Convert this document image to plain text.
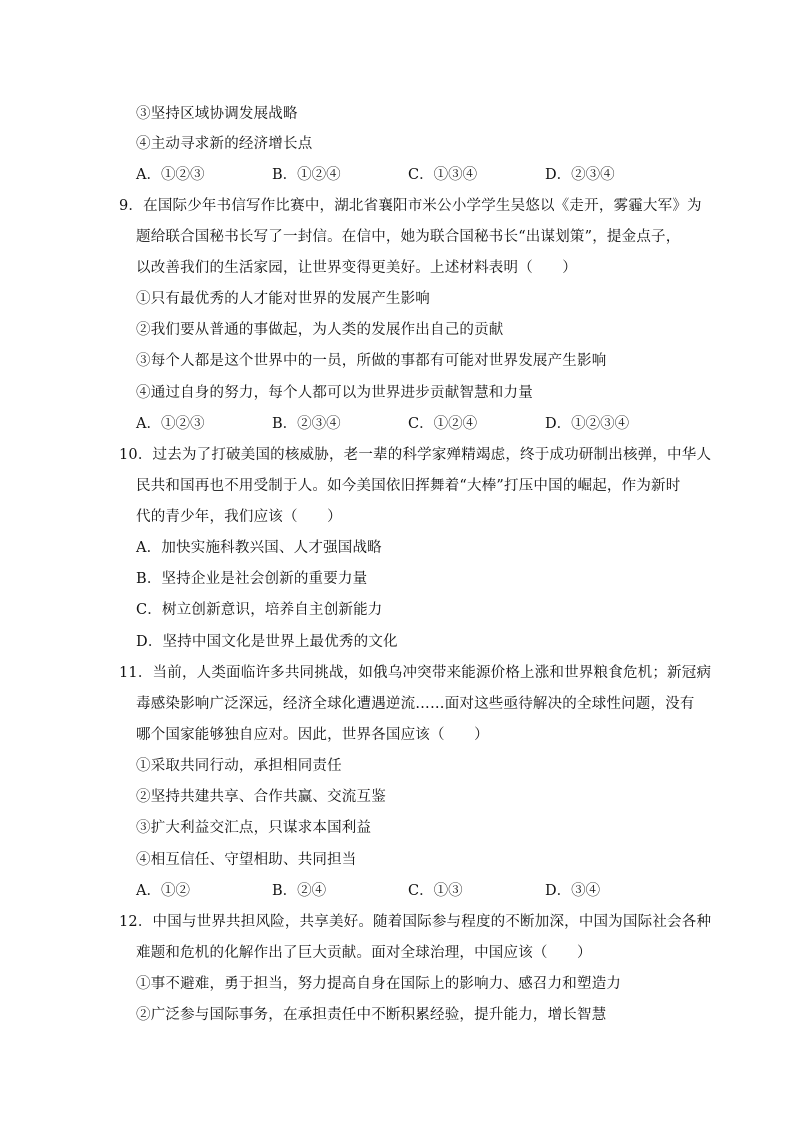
③坚持区域协调发展战略
④主动寻求新的经济增长点
A．①②③	B．①②④	C．①③④	D．②③④
9．在国际少年书信写作比赛中，湖北省襄阳市米公小学学生吴悠以《走开，雾霾大军》为
题给联合国秘书长写了一封信。在信中，她为联合国秘书长“出谋划策”，提金点子，
以改善我们的生活家园，让世界变得更美好。上述材料表明（　　）
①只有最优秀的人才能对世界的发展产生影响
②我们要从普通的事做起，为人类的发展作出自己的贡献
③每个人都是这个世界中的一员，所做的事都有可能对世界发展产生影响
④通过自身的努力，每个人都可以为世界进步贡献智慧和力量
A．①②③	B．②③④	C．①②④	D．①②③④
10．过去为了打破美国的核威胁，老一辈的科学家殚精竭虑，终于成功研制出核弹，中华人
民共和国再也不用受制于人。如今美国依旧挥舞着“大棒”打压中国的崛起，作为新时
代的青少年，我们应该（　　）
A．加快实施科教兴国、人才强国战略
B．坚持企业是社会创新的重要力量
C．树立创新意识，培养自主创新能力
D．坚持中国文化是世界上最优秀的文化
11．当前，人类面临许多共同挑战，如俄乌冲突带来能源价格上涨和世界粮食危机；新冠病
毒感染影响广泛深远，经济全球化遭遇逆流……面对这些亟待解决的全球性问题，没有
哪个国家能够独自应对。因此，世界各国应该（　　）
①采取共同行动，承担相同责任
②坚持共建共享、合作共赢、交流互鉴
③扩大利益交汇点，只谋求本国利益
④相互信任、守望相助、共同担当
A．①②	B．②④	C．①③	D．③④
12．中国与世界共担风险，共享美好。随着国际参与程度的不断加深，中国为国际社会各种
难题和危机的化解作出了巨大贡献。面对全球治理，中国应该（　　）
①事不避难，勇于担当，努力提高自身在国际上的影响力、感召力和塑造力
②广泛参与国际事务，在承担责任中不断积累经验，提升能力，增长智慧
